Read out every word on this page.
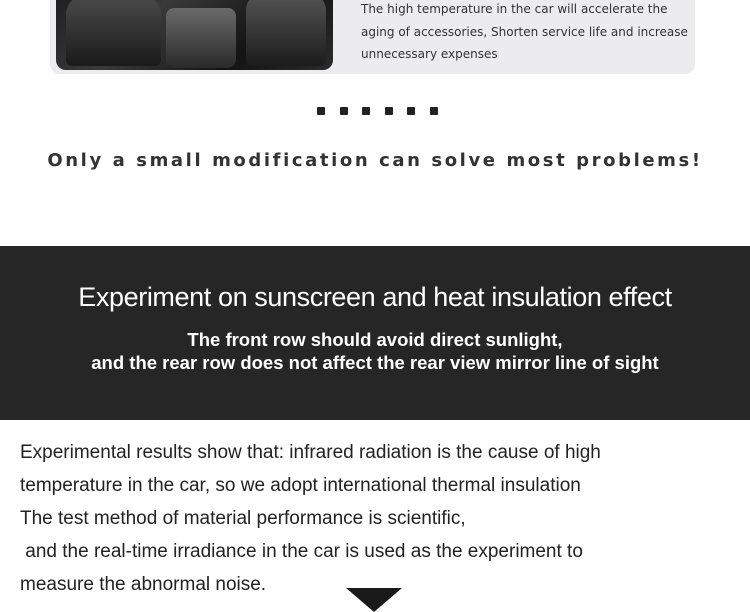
The high temperature in the car will accelerate the
aging of accessories, Shorten service life and increase
unnecessary expenses
Only a small modification can solve most problems!
Experiment on sunscreen and heat insulation effect
The front row should avoid direct sunlight,
and the rear row does not affect the rear view mirror line of sight
Experimental results show that: infrared radiation is the cause of high
temperature in the car, so we adopt international thermal insulation
The test method of material performance is scientific,
and the real-time irradiance in the car is used as the experiment to
measure the abnormal noise.
